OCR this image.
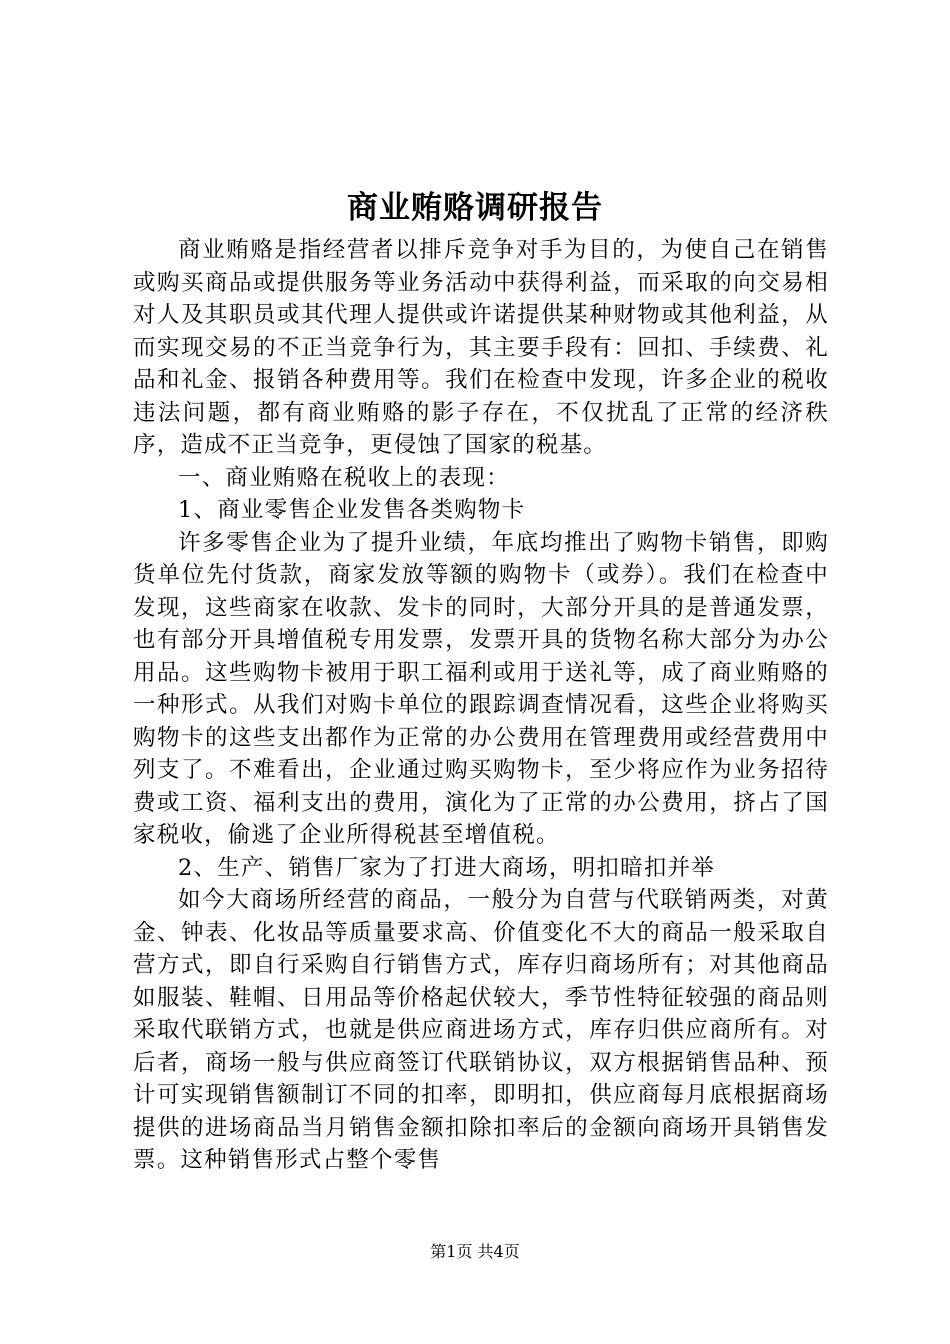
商业贿赂调研报告

商业贿赂是指经营者以排斥竞争对手为目的，为使自己在销售或购买商品或提供服务等业务活动中获得利益，而采取的向交易相对人及其职员或其代理人提供或许诺提供某种财物或其他利益，从而实现交易的不正当竞争行为，其主要手段有：回扣、手续费、礼品和礼金、报销各种费用等。我们在检查中发现，许多企业的税收违法问题，都有商业贿赂的影子存在，不仅扰乱了正常的经济秩序，造成不正当竞争，更侵蚀了国家的税基。

一、商业贿赂在税收上的表现：

1、商业零售企业发售各类购物卡

许多零售企业为了提升业绩，年底均推出了购物卡销售，即购货单位先付货款，商家发放等额的购物卡（或券）。我们在检查中发现，这些商家在收款、发卡的同时，大部分开具的是普通发票，也有部分开具增值税专用发票，发票开具的货物名称大部分为办公用品。这些购物卡被用于职工福利或用于送礼等，成了商业贿赂的一种形式。从我们对购卡单位的跟踪调查情况看，这些企业将购买购物卡的这些支出都作为正常的办公费用在管理费用或经营费用中列支了。不难看出，企业通过购买购物卡，至少将应作为业务招待费或工资、福利支出的费用，演化为了正常的办公费用，挤占了国家税收，偷逃了企业所得税甚至增值税。

2、生产、销售厂家为了打进大商场，明扣暗扣并举

如今大商场所经营的商品，一般分为自营与代联销两类，对黄金、钟表、化妆品等质量要求高、价值变化不大的商品一般采取自营方式，即自行采购自行销售方式，库存归商场所有；对其他商品如服装、鞋帽、日用品等价格起伏较大，季节性特征较强的商品则采取代联销方式，也就是供应商进场方式，库存归供应商所有。对后者，商场一般与供应商签订代联销协议，双方根据销售品种、预计可实现销售额制订不同的扣率，即明扣，供应商每月底根据商场提供的进场商品当月销售金额扣除扣率后的金额向商场开具销售发票。这种销售形式占整个零售

第1页 共4页
